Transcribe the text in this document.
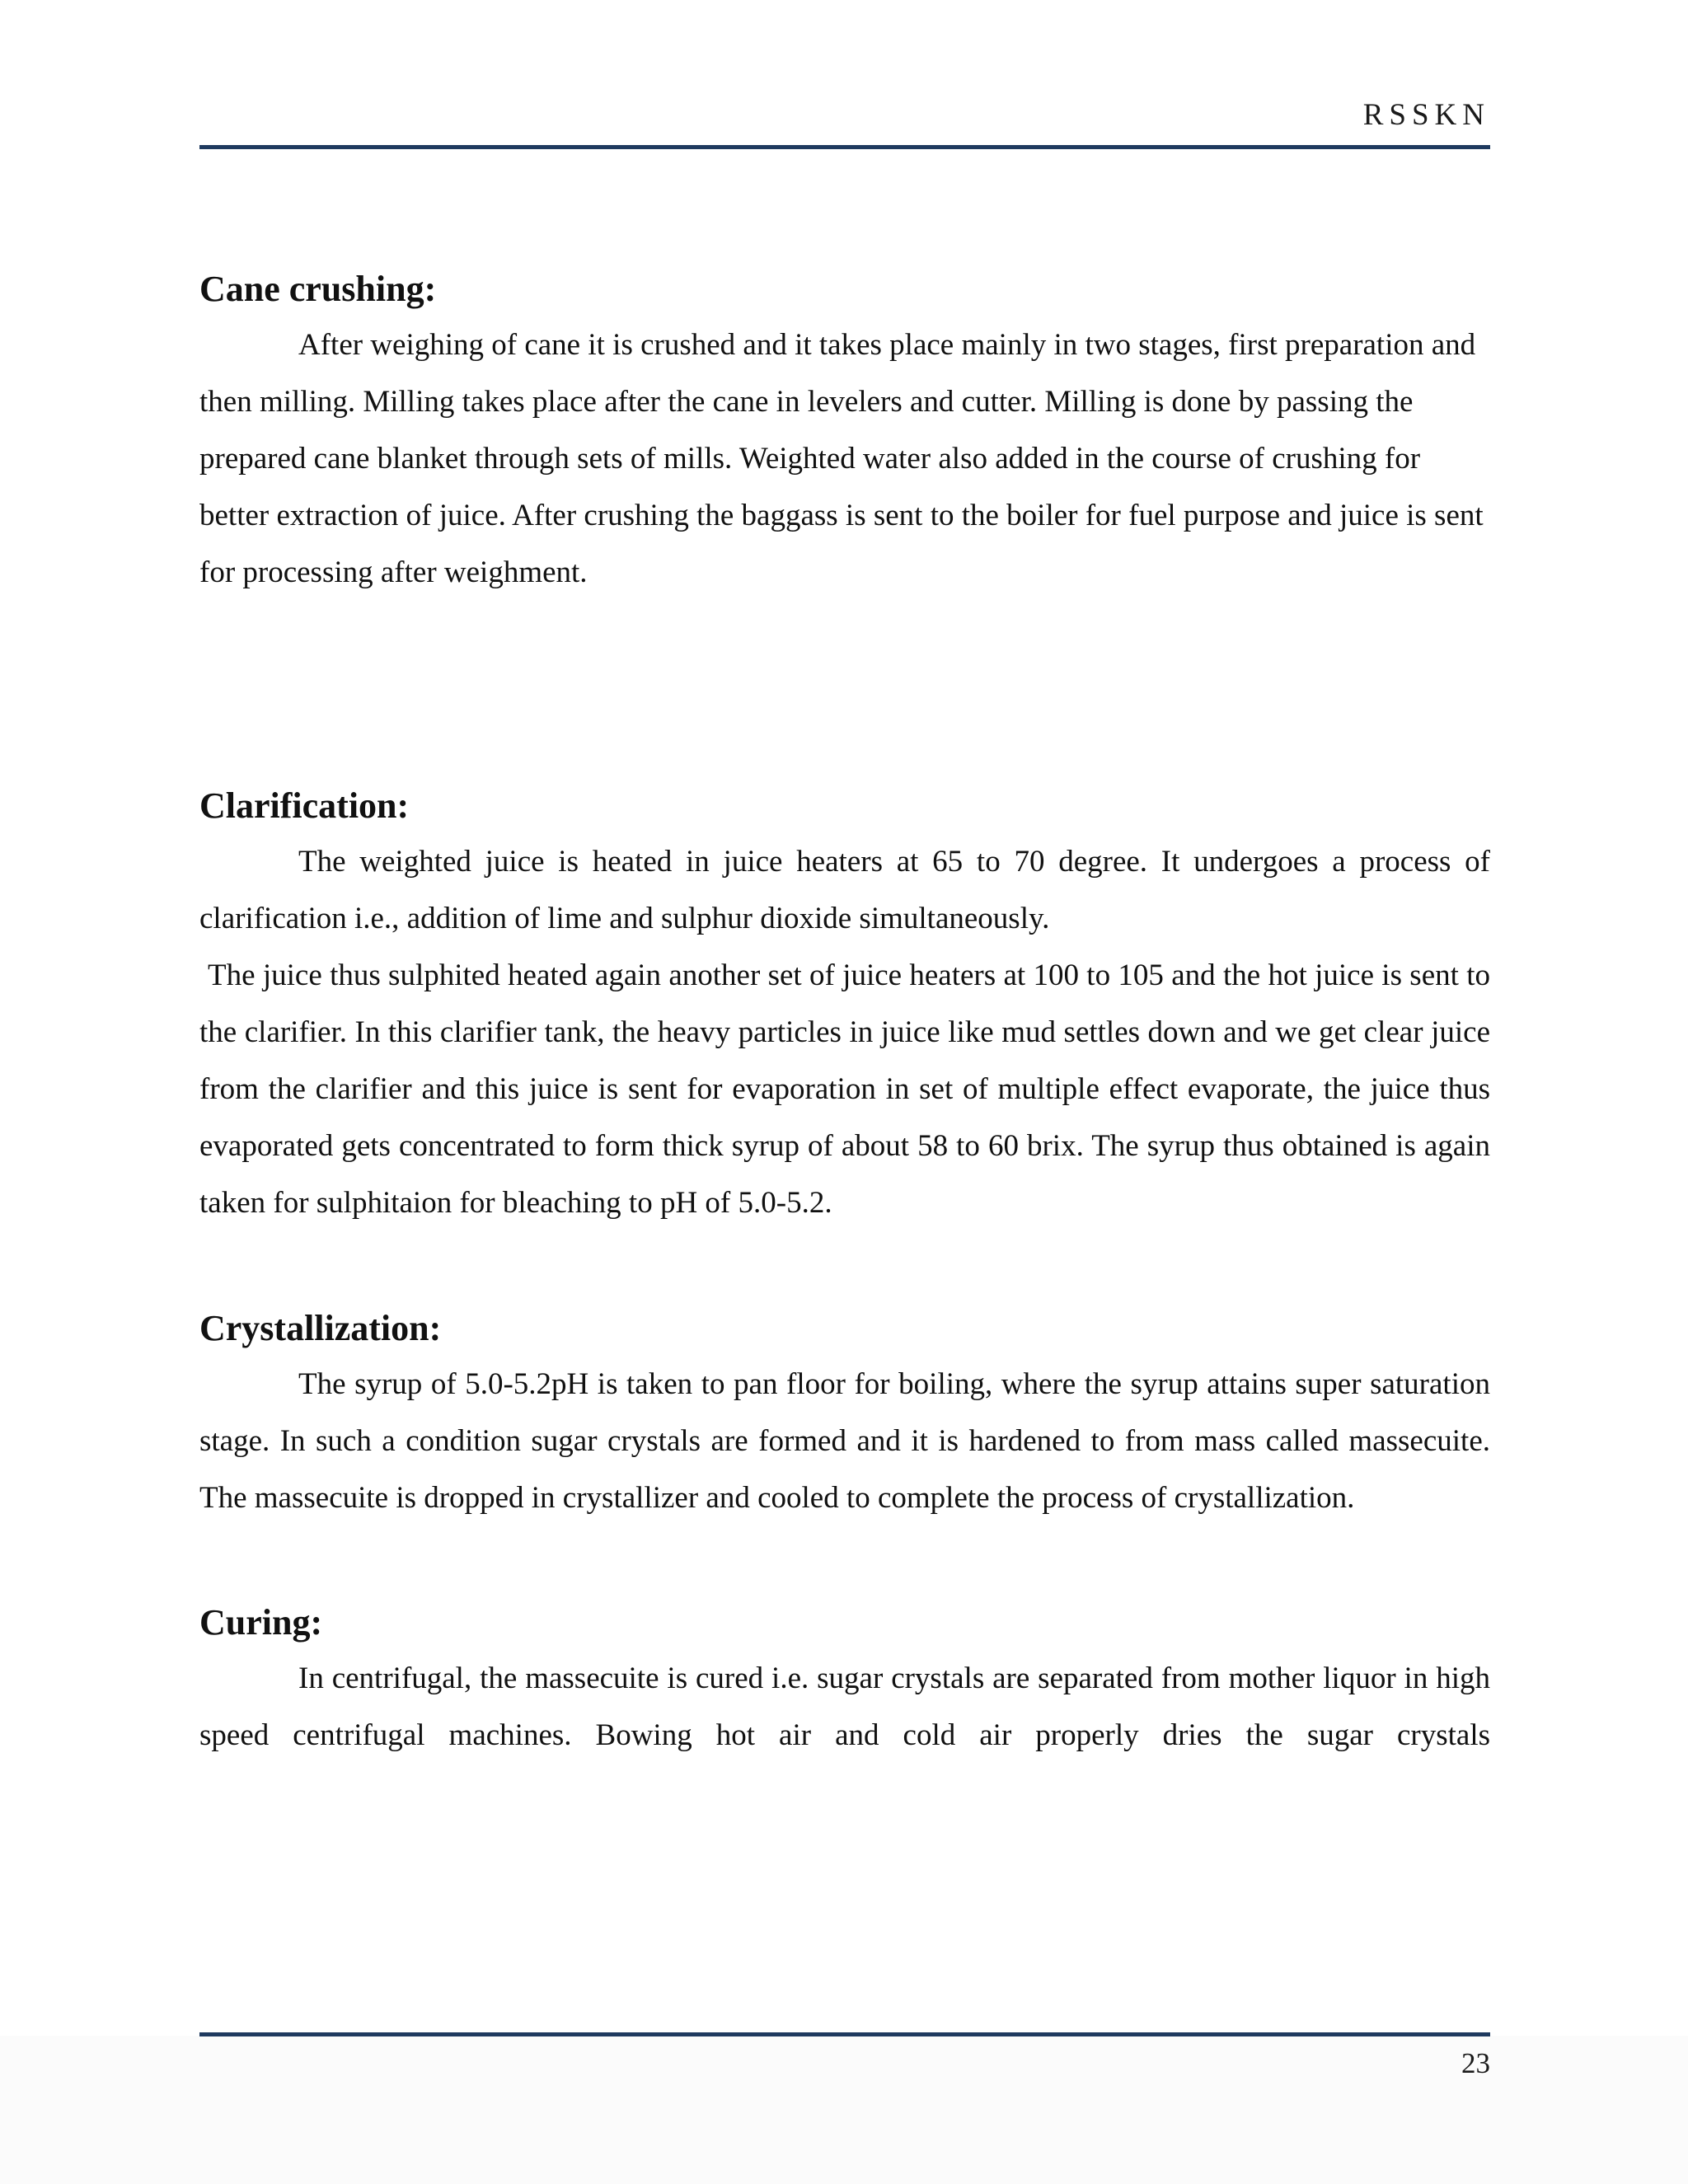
RSSKN
Cane crushing:

After weighing of cane it is crushed and it takes place mainly in two stages, first preparation and then milling. Milling takes place after the cane in levelers and cutter. Milling is done by passing the prepared cane blanket through sets of mills. Weighted water also added in the course of crushing for better extraction of juice. After crushing the baggass is sent to the boiler for fuel purpose and juice is sent for processing after weighment.

Clarification:

The weighted juice is heated in juice heaters at 65 to 70 degree. It undergoes a process of clarification i.e., addition of lime and sulphur dioxide simultaneously.

The juice thus sulphited heated again another set of juice heaters at 100 to 105 and the hot juice is sent to the clarifier. In this clarifier tank, the heavy particles in juice like mud settles down and we get clear juice from the clarifier and this juice is sent for evaporation in set of multiple effect evaporate, the juice thus evaporated gets concentrated to form thick syrup of about 58 to 60 brix. The syrup thus obtained is again taken for sulphitaion for bleaching to pH of 5.0-5.2.

Crystallization:

The syrup of 5.0-5.2pH is taken to pan floor for boiling, where the syrup attains super saturation stage. In such a condition sugar crystals are formed and it is hardened to from mass called massecuite. The massecuite is dropped in crystallizer and cooled to complete the process of crystallization.

Curing:

In centrifugal, the massecuite is cured i.e. sugar crystals are separated from mother liquor in high speed centrifugal machines. Bowing hot air and cold air properly dries the sugar crystals

23
